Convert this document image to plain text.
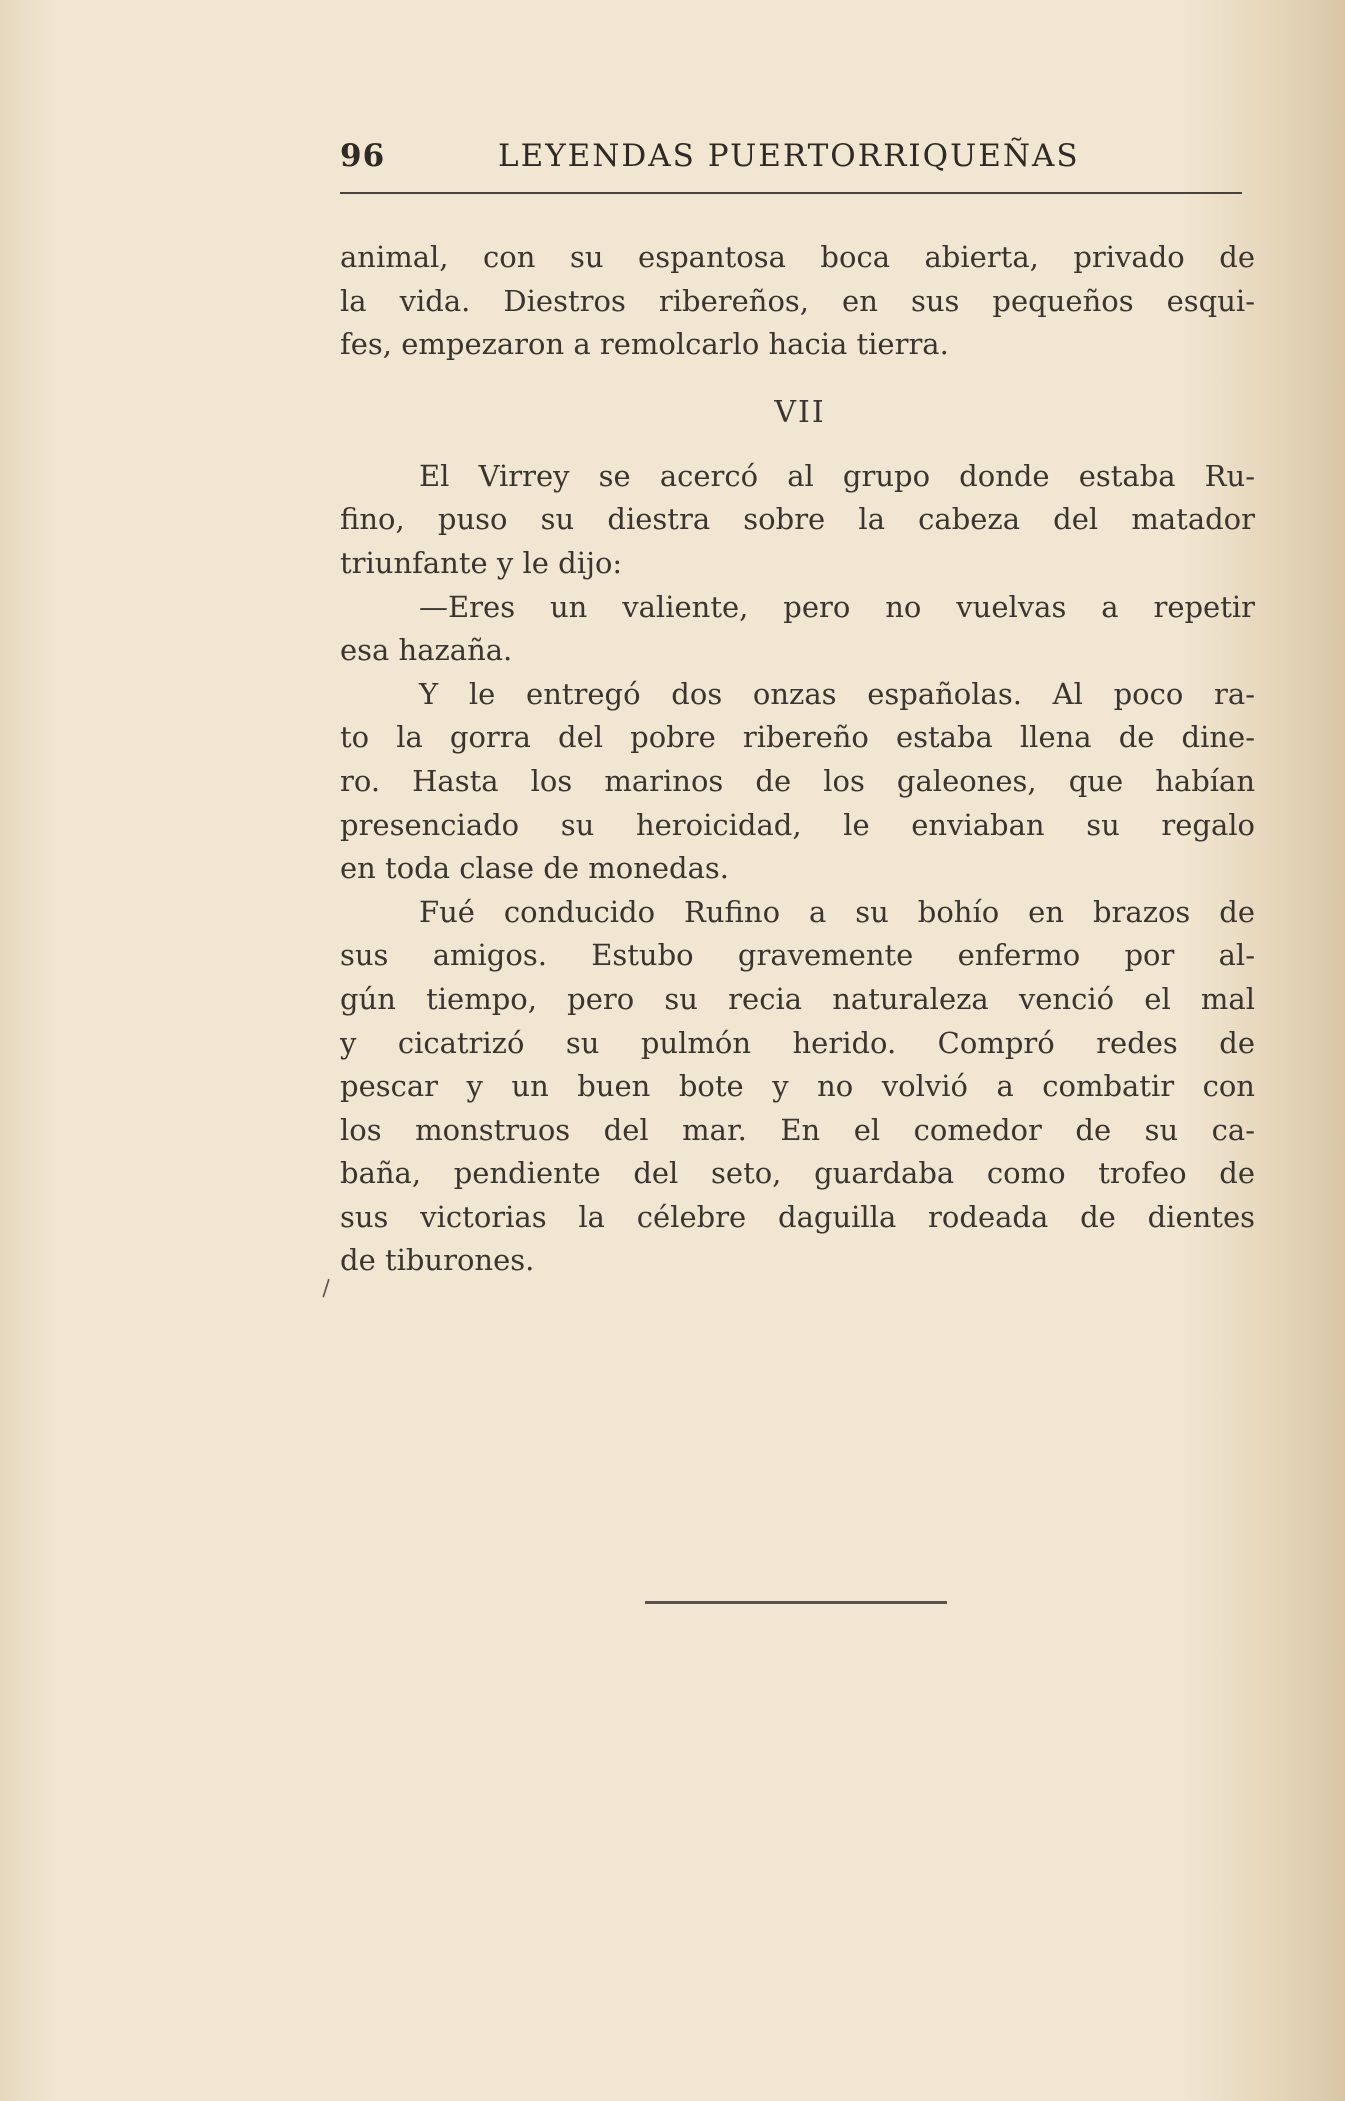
96	LEYENDAS PUERTORRIQUEÑAS
animal, con su espantosa boca abierta, privado de
la vida. Diestros ribereños, en sus pequeños esqui-
fes, empezaron a remolcarlo hacia tierra.
VII
El Virrey se acercó al grupo donde estaba Ru-
fino, puso su diestra sobre la cabeza del matador
triunfante y le dijo:
—Eres un valiente, pero no vuelvas a repetir
esa hazaña.
Y le entregó dos onzas españolas. Al poco ra-
to la gorra del pobre ribereño estaba llena de dine-
ro. Hasta los marinos de los galeones, que habían
presenciado su heroicidad, le enviaban su regalo
en toda clase de monedas.
Fué conducido Rufino a su bohío en brazos de
sus amigos. Estubo gravemente enfermo por al-
gún tiempo, pero su recia naturaleza venció el mal
y cicatrizó su pulmón herido. Compró redes de
pescar y un buen bote y no volvió a combatir con
los monstruos del mar. En el comedor de su ca-
baña, pendiente del seto, guardaba como trofeo de
sus victorias la célebre daguilla rodeada de dientes
de tiburones.
\
